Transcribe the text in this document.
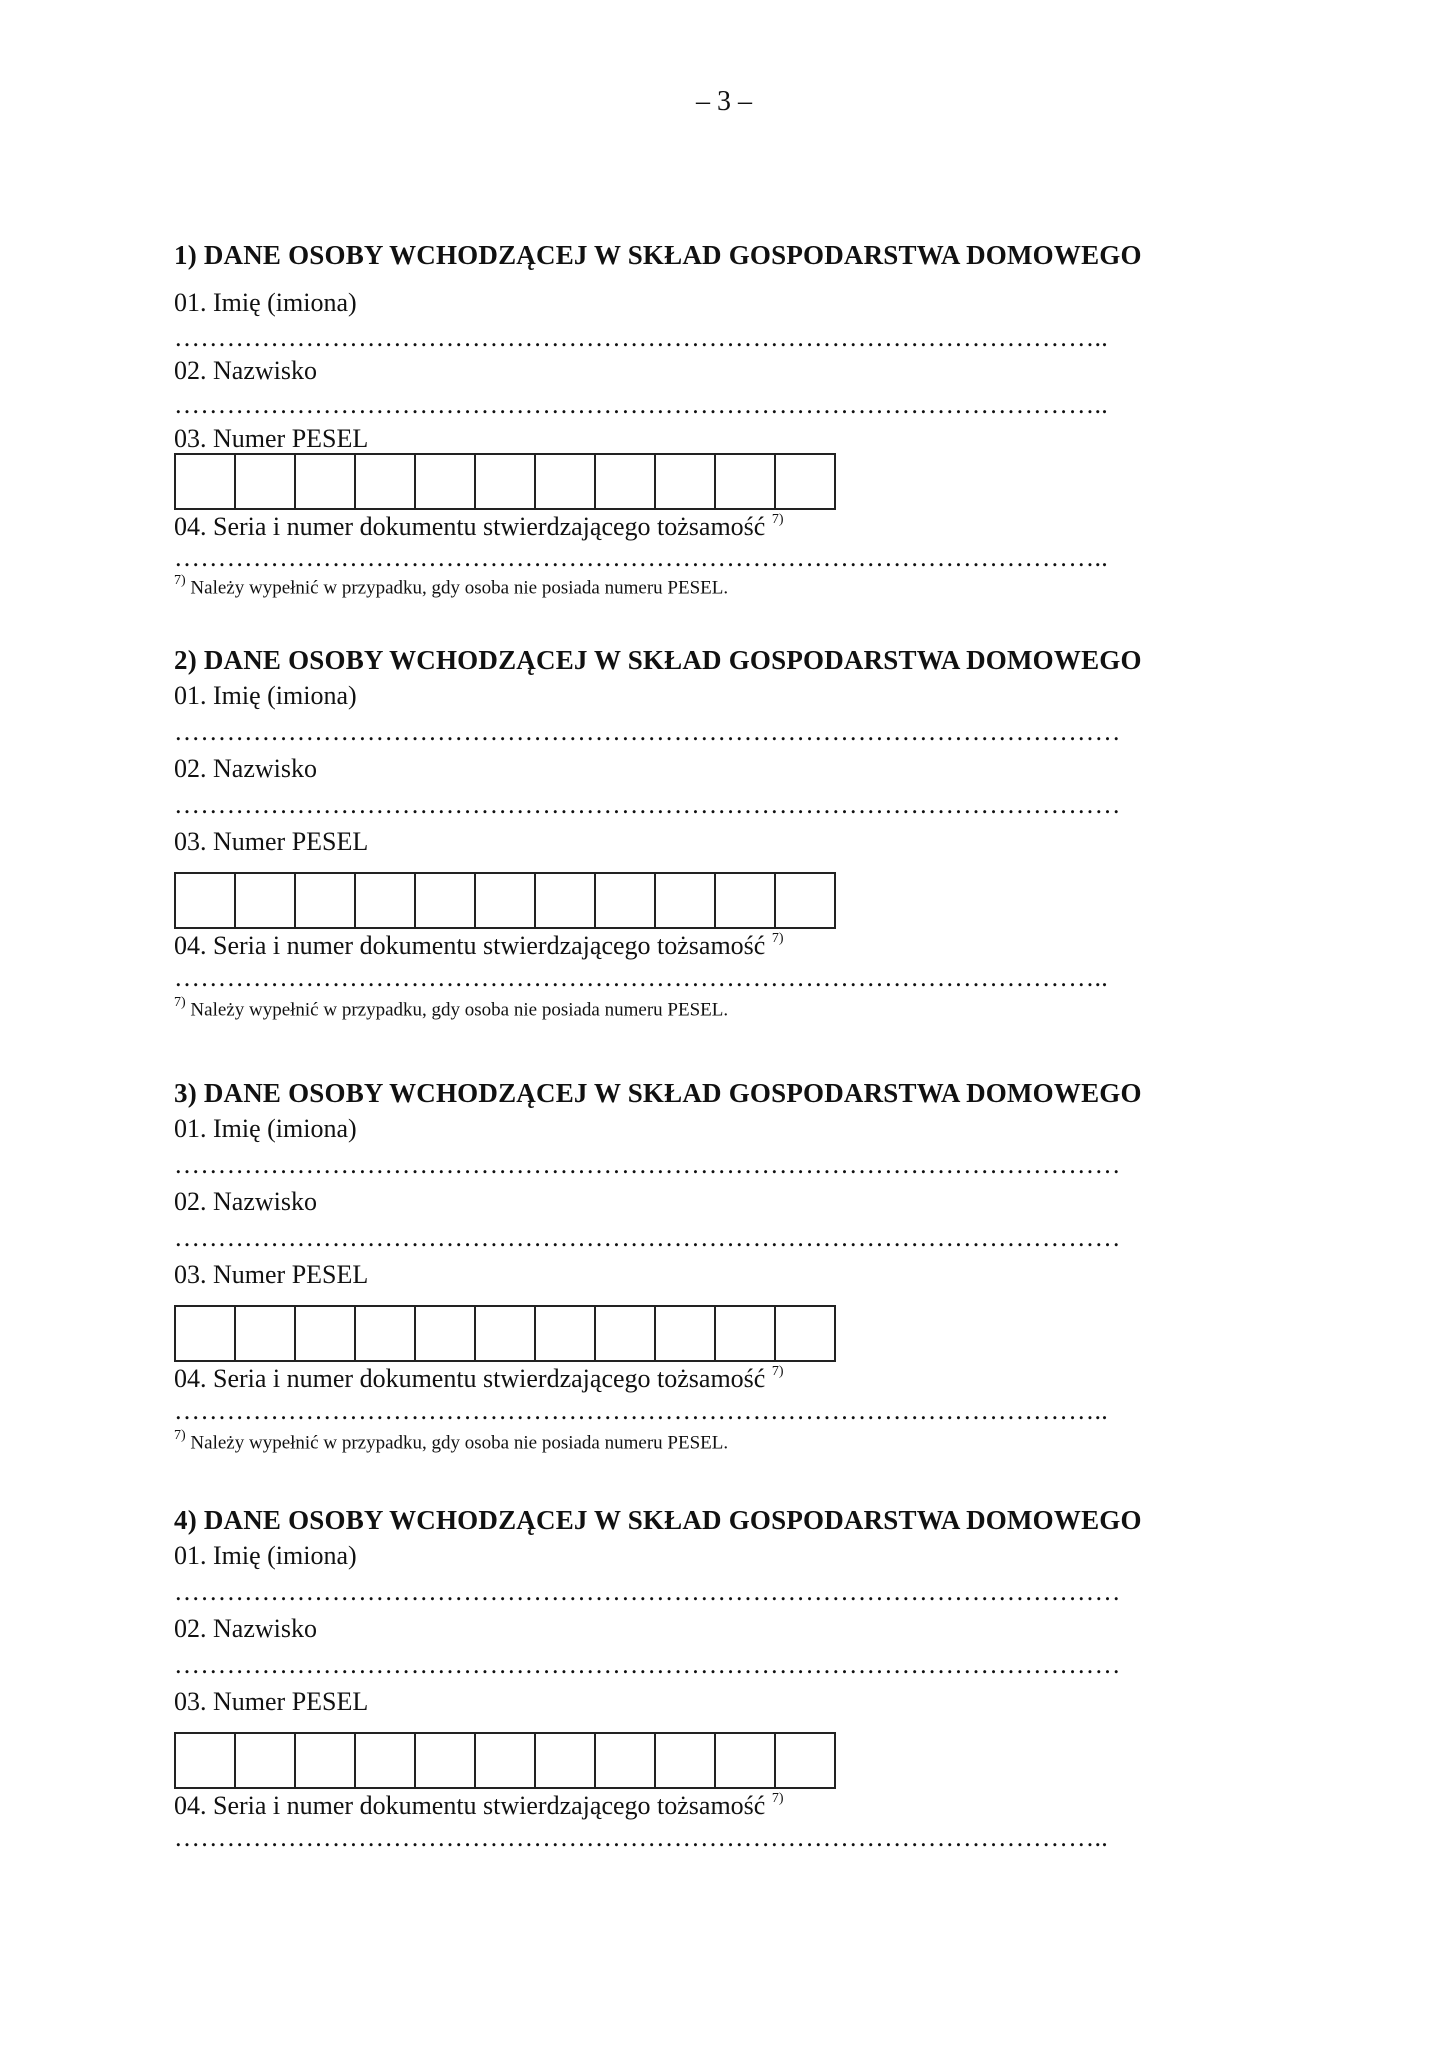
– 3 –
1) DANE OSOBY WCHODZĄCEJ W SKŁAD GOSPODARSTWA DOMOWEGO
01. Imię (imiona)
……………………………………………………………………………………………..
02. Nazwisko
……………………………………………………………………………………………..
03. Numer PESEL
04. Seria i numer dokumentu stwierdzającego tożsamość $^{7)}$
……………………………………………………………………………………………..
$^{7)}$ Należy wypełnić w przypadku, gdy osoba nie posiada numeru PESEL.
2) DANE OSOBY WCHODZĄCEJ W SKŁAD GOSPODARSTWA DOMOWEGO
01. Imię (imiona)
………………………………………………………………………………………………
02. Nazwisko
………………………………………………………………………………………………
03. Numer PESEL
04. Seria i numer dokumentu stwierdzającego tożsamość $^{7)}$
……………………………………………………………………………………………..
$^{7)}$ Należy wypełnić w przypadku, gdy osoba nie posiada numeru PESEL.
3) DANE OSOBY WCHODZĄCEJ W SKŁAD GOSPODARSTWA DOMOWEGO
01. Imię (imiona)
………………………………………………………………………………………………
02. Nazwisko
………………………………………………………………………………………………
03. Numer PESEL
04. Seria i numer dokumentu stwierdzającego tożsamość $^{7)}$
……………………………………………………………………………………………..
$^{7)}$ Należy wypełnić w przypadku, gdy osoba nie posiada numeru PESEL.
4) DANE OSOBY WCHODZĄCEJ W SKŁAD GOSPODARSTWA DOMOWEGO
01. Imię (imiona)
………………………………………………………………………………………………
02. Nazwisko
………………………………………………………………………………………………
03. Numer PESEL
04. Seria i numer dokumentu stwierdzającego tożsamość $^{7)}$
……………………………………………………………………………………………..
